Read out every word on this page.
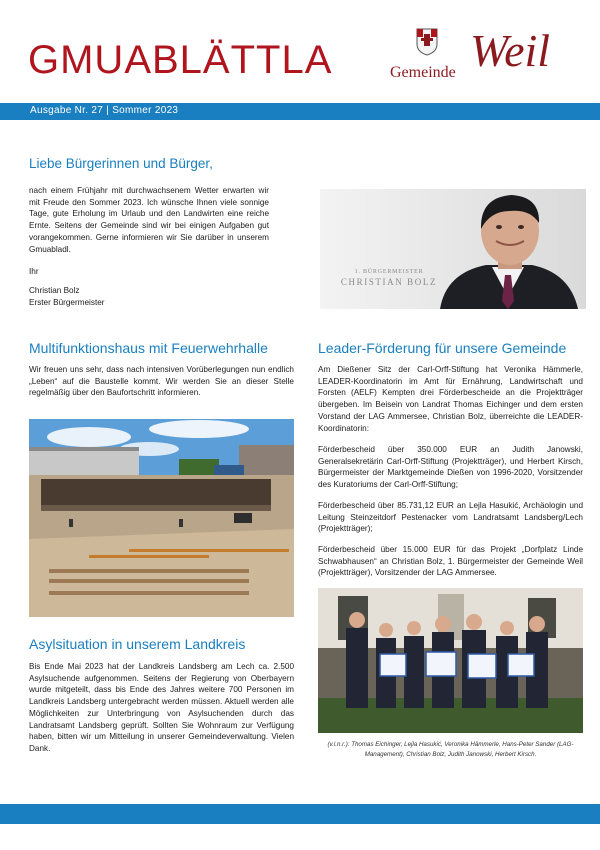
GMUABLÄTTLA	Gemeinde Weil
Ausgabe Nr. 27 | Sommer 2023
Liebe Bürgerinnen und Bürger,

nach einem Frühjahr mit durchwachsenem Wetter erwarten wir mit Freude den Sommer 2023. Ich wünsche Ihnen viele sonnige Tage, gute Erholung im Urlaub und den Landwirten eine reiche Ernte. Seitens der Gemeinde sind wir bei einigen Aufgaben gut vorangekommen. Gerne informieren wir Sie darüber in unserem Gmuabladl.

Ihr

Christian Bolz

Erster Bürgermeister

1. BÜRGERMEISTER
CHRISTIAN BOLZ
Multifunktionshaus mit Feuerwehrhalle

Wir freuen uns sehr, dass nach intensiven Vorüberlegungen nun endlich „Leben“ auf die Baustelle kommt. Wir werden Sie an dieser Stelle regelmäßig über den Baufortschritt informieren.

Asylsituation in unserem Landkreis

Bis Ende Mai 2023 hat der Landkreis Landsberg am Lech ca. 2.500 Asylsuchende aufgenommen. Seitens der Regierung von Oberbayern wurde mitgeteilt, dass bis Ende des Jahres weitere 700 Personen im Landkreis Landsberg untergebracht werden müssen. Aktuell werden alle Möglichkeiten zur Unterbringung von Asylsuchenden durch das Landratsamt Landsberg geprüft. Sollten Sie Wohnraum zur Verfügung haben, bitten wir um Mitteilung in unserer Gemeindeverwaltung. Vielen Dank.

Leader-Förderung für unsere Gemeinde

Am Dießener Sitz der Carl-Orff-Stiftung hat Veronika Hämmerle, LEADER-Koordinatorin im Amt für Ernährung, Landwirtschaft und Forsten (AELF) Kempten drei Förderbescheide an die Projektträger übergeben. Im Beisein von Landrat Thomas Eichinger und dem ersten Vorstand der LAG Ammersee, Christian Bolz, überreichte die LEADER-Koordinatorin:

Förderbescheid über 350.000 EUR an Judith Janowski, Generalsekretärin Carl-Orff-Stiftung (Projektträger), und Herbert Kirsch, Bürgermeister der Marktgemeinde Dießen von 1996-2020, Vorsitzender des Kuratoriums der Carl-Orff-Stiftung;

Förderbescheid über 85.731,12 EUR an Lejla Hasukić, Archäologin und Leitung Steinzeitdorf Pestenacker vom Landratsamt Landsberg/Lech (Projektträger);

Förderbescheid über 15.000 EUR für das Projekt „Dorfplatz Linde Schwabhausen“ an Christian Bolz, 1. Bürgermeister der Gemeinde Weil (Projektträger), Vorsitzender der LAG Ammersee.

(v.l.n.r.): Thomas Eichinger, Lejla Hasukić, Veronika Hämmerle, Hans-Peter Sander (LAG-Management), Christian Bolz, Judith Janowski, Herbert Kirsch.
